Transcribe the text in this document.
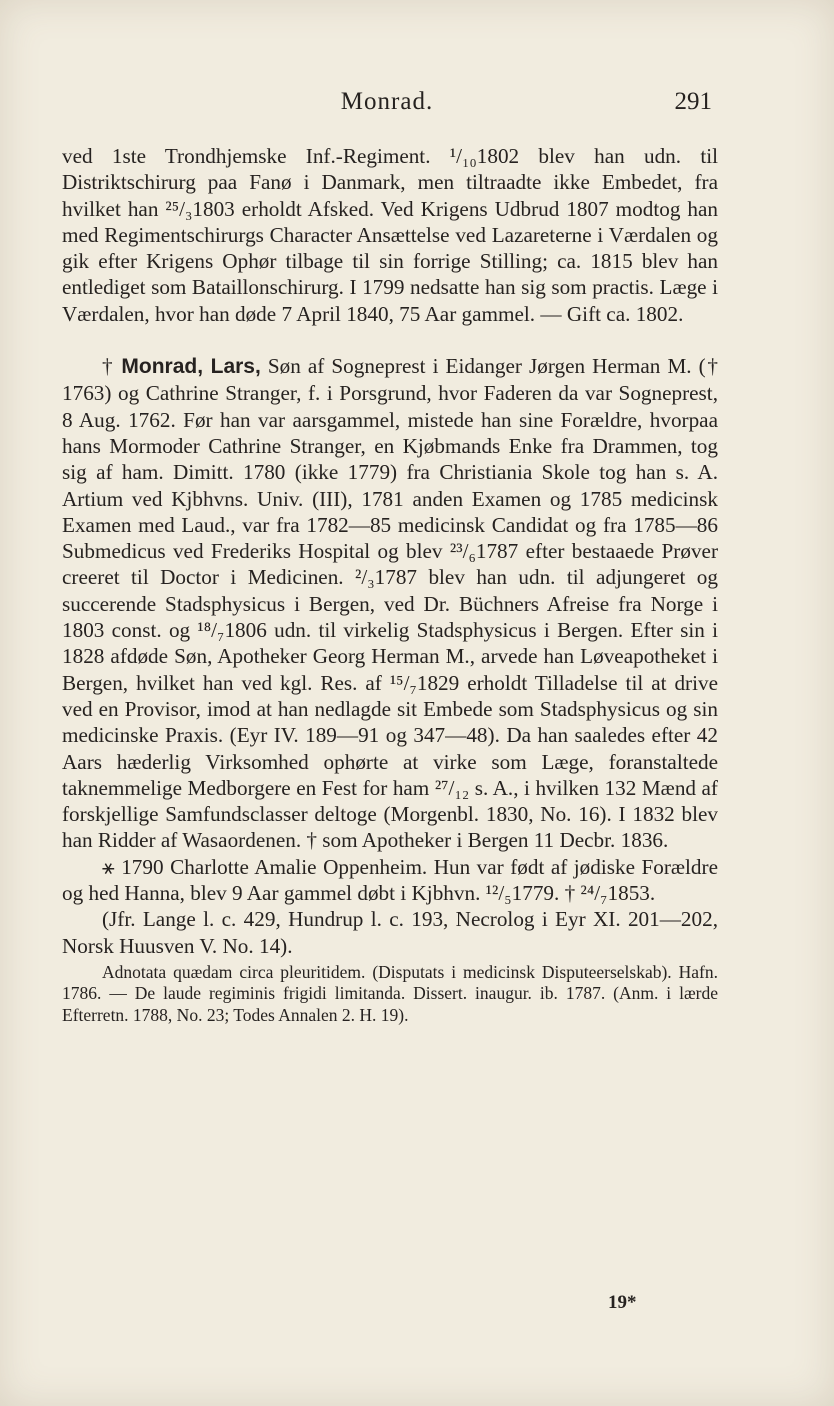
Monrad.	291

ved 1ste Trondhjemske Inf.-Regiment. ¹/₁₀1802 blev han udn. til Distriktschirurg paa Fanø i Danmark, men tiltraadte ikke Embedet, fra hvilket han ²⁵/₃1803 erholdt Afsked. Ved Krigens Udbrud 1807 modtog han med Regimentschirurgs Character Ansættelse ved Lazareterne i Værdalen og gik efter Krigens Ophør tilbage til sin forrige Stilling; ca. 1815 blev han entlediget som Bataillonschirurg. I 1799 nedsatte han sig som practis. Læge i Værdalen, hvor han døde 7 April 1840, 75 Aar gammel. — Gift ca. 1802.

† Monrad, Lars, Søn af Sogneprest i Eidanger Jørgen Herman M. († 1763) og Cathrine Stranger, f. i Porsgrund, hvor Faderen da var Sogneprest, 8 Aug. 1762. Før han var aarsgammel, mistede han sine Forældre, hvorpaa hans Mormoder Cathrine Stranger, en Kjøbmands Enke fra Drammen, tog sig af ham. Dimitt. 1780 (ikke 1779) fra Christiania Skole tog han s. A. Artium ved Kjbhvns. Univ. (III), 1781 anden Examen og 1785 medicinsk Examen med Laud., var fra 1782—85 medicinsk Candidat og fra 1785—86 Submedicus ved Frederiks Hospital og blev ²³/₆1787 efter bestaaede Prøver creeret til Doctor i Medicinen. ²/₃1787 blev han udn. til adjungeret og succerende Stadsphysicus i Bergen, ved Dr. Büchners Afreise fra Norge i 1803 const. og ¹⁸/₇1806 udn. til virkelig Stadsphysicus i Bergen. Efter sin i 1828 afdøde Søn, Apotheker Georg Herman M., arvede han Løveapotheket i Bergen, hvilket han ved kgl. Res. af ¹⁵/₇1829 erholdt Tilladelse til at drive ved en Provisor, imod at han nedlagde sit Embede som Stadsphysicus og sin medicinske Praxis. (Eyr IV. 189—91 og 347—48). Da han saaledes efter 42 Aars hæderlig Virksomhed ophørte at virke som Læge, foranstaltede taknemmelige Medborgere en Fest for ham ²⁷/₁₂ s. A., i hvilken 132 Mænd af forskjellige Samfundsclasser deltoge (Morgenbl. 1830, No. 16). I 1832 blev han Ridder af Wasaordenen. † som Apotheker i Bergen 11 Decbr. 1836.

⚹ 1790 Charlotte Amalie Oppenheim. Hun var født af jødiske Forældre og hed Hanna, blev 9 Aar gammel døbt i Kjbhvn. ¹²/₅1779. † ²⁴/₇1853.

(Jfr. Lange l. c. 429, Hundrup l. c. 193, Necrolog i Eyr XI. 201—202, Norsk Huusven V. No. 14).

Adnotata quædam circa pleuritidem. (Disputats i medicinsk Disputeerselskab). Hafn. 1786. — De laude regiminis frigidi limitanda. Dissert. inaugur. ib. 1787. (Anm. i lærde Efterretn. 1788, No. 23; Todes Annalen 2. H. 19).

19*
